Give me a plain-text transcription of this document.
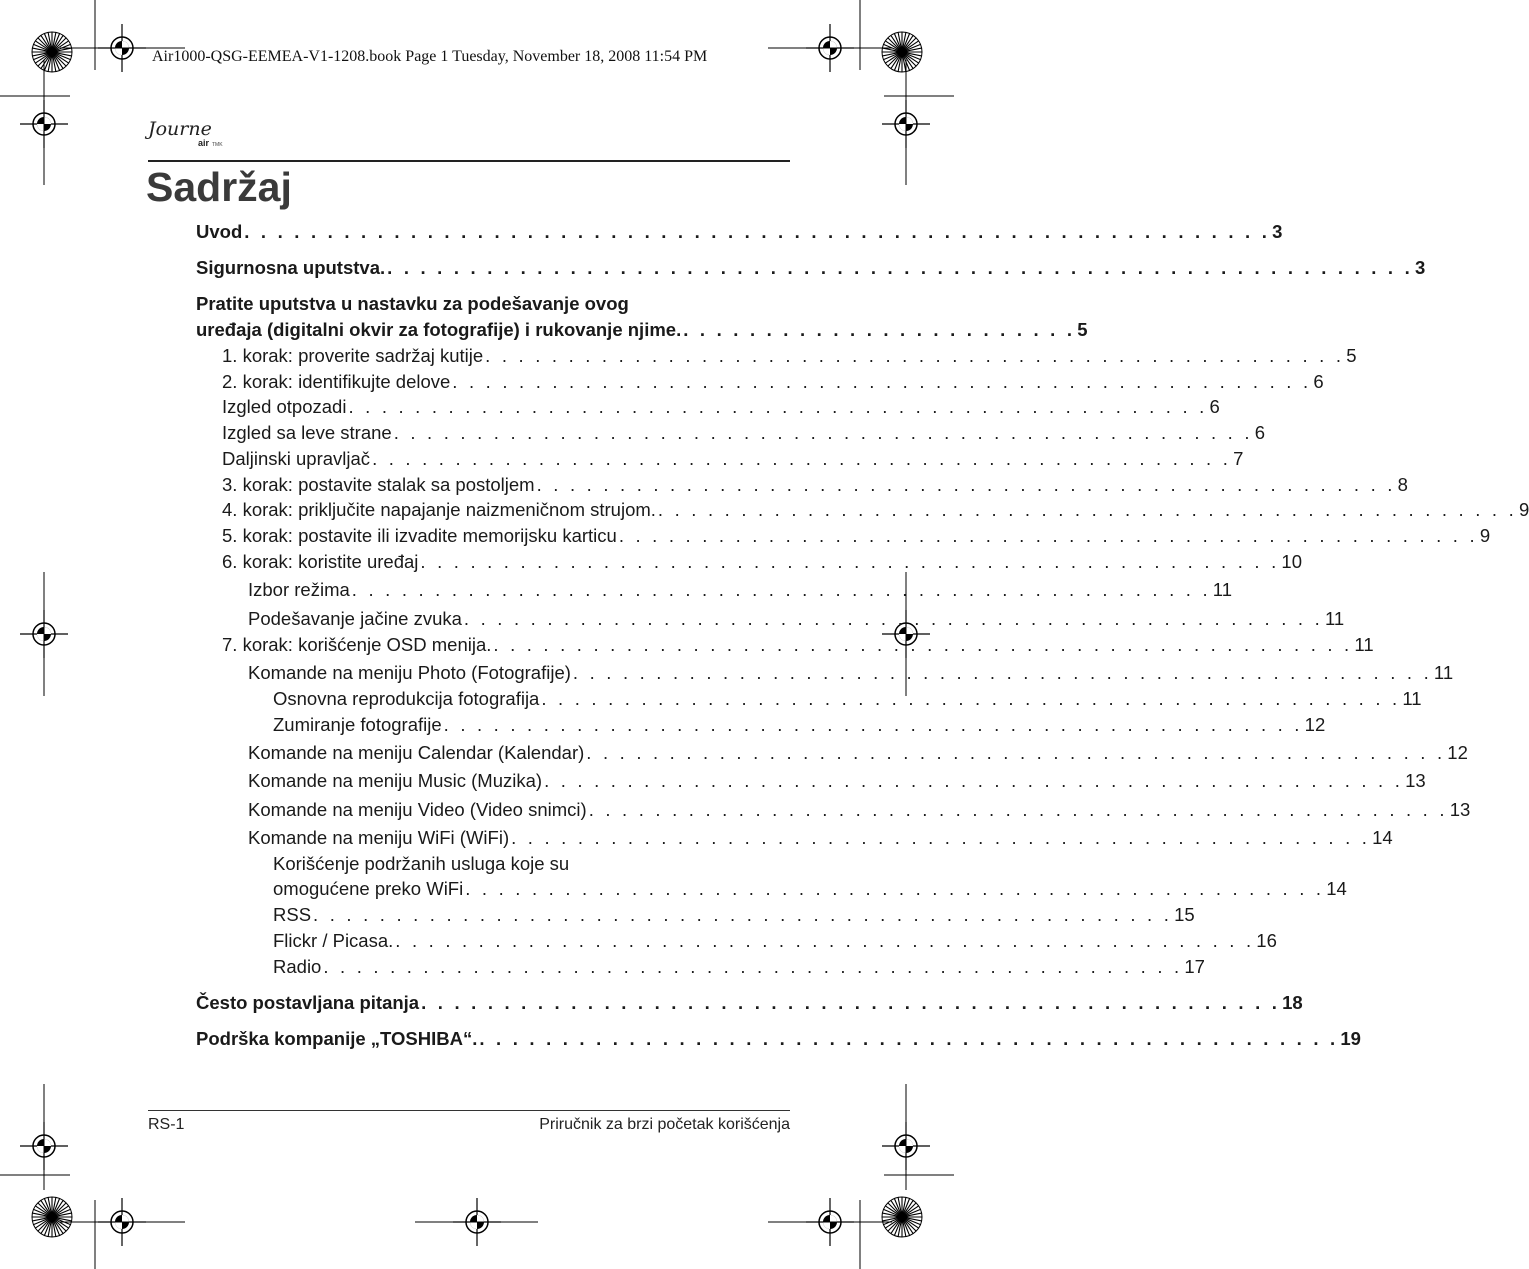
Air1000-QSG-EEMEA-V1-1208.book Page 1 Tuesday, November 18, 2008 11:54 PM
Journe
air TMK
Sadržaj
Uvod . . . . . . . . . . . . . . . . . . . . . . . . . . . . . . . . . . . . . . . . . . . . . . . . . . . . . . . . . . . . . . 3
Sigurnosna uputstva. . . . . . . . . . . . . . . . . . . . . . . . . . . . . . . . . . . . . . . . . . . . . . . . . . . . . . . . . . . . . . . 3
Pratite uputstva u nastavku za podešavanje ovog
uređaja (digitalni okvir za fotografije) i rukovanje njime. . . . . . . . . . . . . . . . . . . . . . . . . 5
1. korak: proverite sadržaj kutije . . . . . . . . . . . . . . . . . . . . . . . . . . . . . . . . . . . . . . . . . . . . . . . . . . . . 5
2. korak: identifikujte delove . . . . . . . . . . . . . . . . . . . . . . . . . . . . . . . . . . . . . . . . . . . . . . . . . . . . 6
Izgled otpozadi . . . . . . . . . . . . . . . . . . . . . . . . . . . . . . . . . . . . . . . . . . . . . . . . . . . . 6
Izgled sa leve strane . . . . . . . . . . . . . . . . . . . . . . . . . . . . . . . . . . . . . . . . . . . . . . . . . . . . 6
Daljinski upravljač . . . . . . . . . . . . . . . . . . . . . . . . . . . . . . . . . . . . . . . . . . . . . . . . . . . . 7
3. korak: postavite stalak sa postoljem . . . . . . . . . . . . . . . . . . . . . . . . . . . . . . . . . . . . . . . . . . . . . . . . . . . . 8
4. korak: priključite napajanje naizmeničnom strujom. . . . . . . . . . . . . . . . . . . . . . . . . . . . . . . . . . . . . . . . . . . . . . . . . . . . . 9
5. korak: postavite ili izvadite memorijsku karticu . . . . . . . . . . . . . . . . . . . . . . . . . . . . . . . . . . . . . . . . . . . . . . . . . . . . 9
6. korak: koristite uređaj . . . . . . . . . . . . . . . . . . . . . . . . . . . . . . . . . . . . . . . . . . . . . . . . . . . . 10
Izbor režima . . . . . . . . . . . . . . . . . . . . . . . . . . . . . . . . . . . . . . . . . . . . . . . . . . . . 11
Podešavanje jačine zvuka . . . . . . . . . . . . . . . . . . . . . . . . . . . . . . . . . . . . . . . . . . . . . . . . . . . . 11
7. korak: korišćenje OSD menija. . . . . . . . . . . . . . . . . . . . . . . . . . . . . . . . . . . . . . . . . . . . . . . . . . . . . 11
Komande na meniju Photo (Fotografije) . . . . . . . . . . . . . . . . . . . . . . . . . . . . . . . . . . . . . . . . . . . . . . . . . . . . 11
Osnovna reprodukcija fotografija . . . . . . . . . . . . . . . . . . . . . . . . . . . . . . . . . . . . . . . . . . . . . . . . . . . . 11
Zumiranje fotografije . . . . . . . . . . . . . . . . . . . . . . . . . . . . . . . . . . . . . . . . . . . . . . . . . . . . 12
Komande na meniju Calendar (Kalendar) . . . . . . . . . . . . . . . . . . . . . . . . . . . . . . . . . . . . . . . . . . . . . . . . . . . . 12
Komande na meniju Music (Muzika) . . . . . . . . . . . . . . . . . . . . . . . . . . . . . . . . . . . . . . . . . . . . . . . . . . . . 13
Komande na meniju Video (Video snimci) . . . . . . . . . . . . . . . . . . . . . . . . . . . . . . . . . . . . . . . . . . . . . . . . . . . . 13
Komande na meniju WiFi (WiFi) . . . . . . . . . . . . . . . . . . . . . . . . . . . . . . . . . . . . . . . . . . . . . . . . . . . . 14
Korišćenje podržanih usluga koje su
omogućene preko WiFi . . . . . . . . . . . . . . . . . . . . . . . . . . . . . . . . . . . . . . . . . . . . . . . . . . . . 14
RSS . . . . . . . . . . . . . . . . . . . . . . . . . . . . . . . . . . . . . . . . . . . . . . . . . . . . 15
Flickr / Picasa. . . . . . . . . . . . . . . . . . . . . . . . . . . . . . . . . . . . . . . . . . . . . . . . . . . . . 16
Radio . . . . . . . . . . . . . . . . . . . . . . . . . . . . . . . . . . . . . . . . . . . . . . . . . . . . 17
Često postavljana pitanja . . . . . . . . . . . . . . . . . . . . . . . . . . . . . . . . . . . . . . . . . . . . . . . . . . . . 18
Podrška kompanije „TOSHIBA“. . . . . . . . . . . . . . . . . . . . . . . . . . . . . . . . . . . . . . . . . . . . . . . . . . . . . 19
RS-1	Priručnik za brzi početak korišćenja
